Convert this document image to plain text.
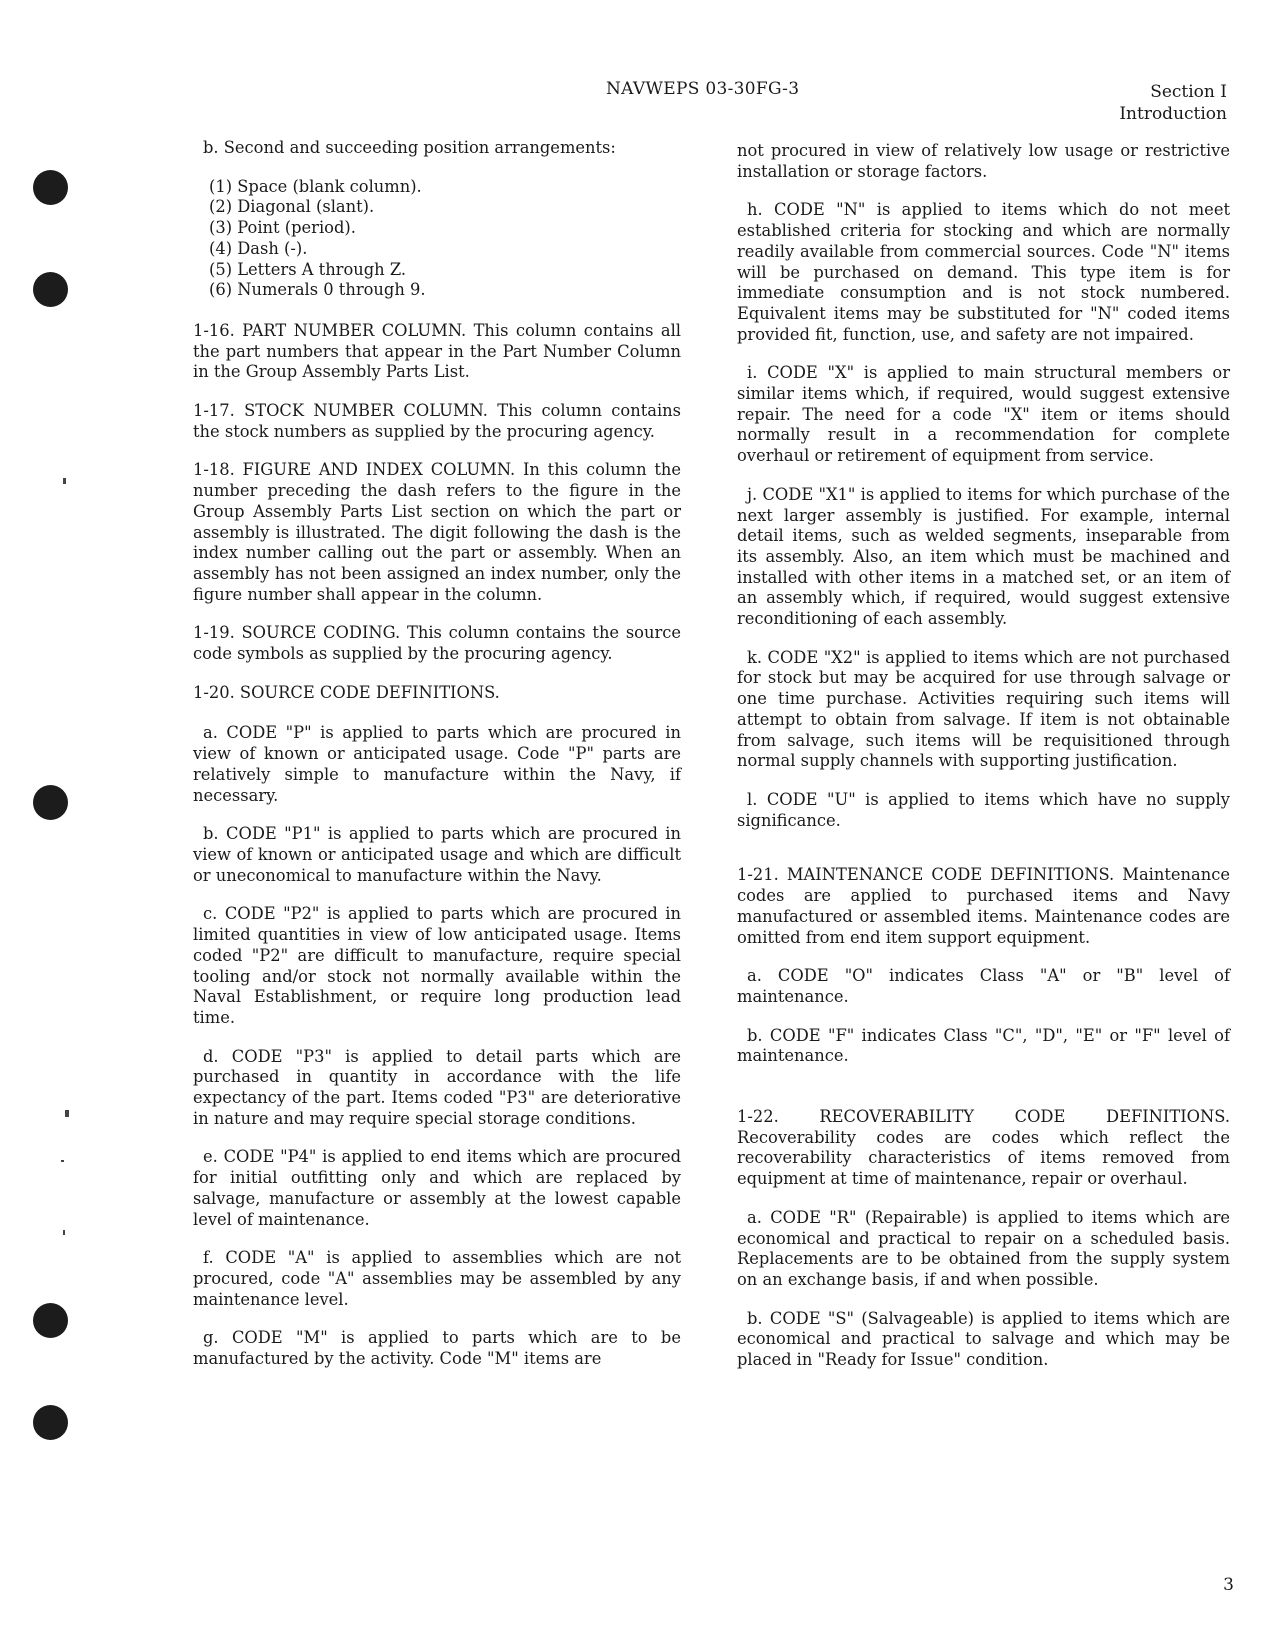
NAVWEPS 03-30FG-3	Section I
Introduction

b. Second and succeeding position arrangements:

(1) Space (blank column).
(2) Diagonal (slant).
(3) Point (period).
(4) Dash (-).
(5) Letters A through Z.
(6) Numerals 0 through 9.

1-16. PART NUMBER COLUMN. This column contains all the part numbers that appear in the Part Number Column in the Group Assembly Parts List.

1-17. STOCK NUMBER COLUMN. This column contains the stock numbers as supplied by the procuring agency.

1-18. FIGURE AND INDEX COLUMN. In this column the number preceding the dash refers to the figure in the Group Assembly Parts List section on which the part or assembly is illustrated. The digit following the dash is the index number calling out the part or assembly. When an assembly has not been assigned an index number, only the figure number shall appear in the column.

1-19. SOURCE CODING. This column contains the source code symbols as supplied by the procuring agency.

1-20. SOURCE CODE DEFINITIONS.

a. CODE "P" is applied to parts which are procured in view of known or anticipated usage. Code "P" parts are relatively simple to manufacture within the Navy, if necessary.

b. CODE "P1" is applied to parts which are procured in view of known or anticipated usage and which are difficult or uneconomical to manufacture within the Navy.

c. CODE "P2" is applied to parts which are procured in limited quantities in view of low anticipated usage. Items coded "P2" are difficult to manufacture, require special tooling and/or stock not normally available within the Naval Establishment, or require long production lead time.

d. CODE "P3" is applied to detail parts which are purchased in quantity in accordance with the life expectancy of the part. Items coded "P3" are deteriorative in nature and may require special storage conditions.

e. CODE "P4" is applied to end items which are procured for initial outfitting only and which are replaced by salvage, manufacture or assembly at the lowest capable level of maintenance.

f. CODE "A" is applied to assemblies which are not procured, code "A" assemblies may be assembled by any maintenance level.

g. CODE "M" is applied to parts which are to be manufactured by the activity. Code "M" items are

not procured in view of relatively low usage or restrictive installation or storage factors.

h. CODE "N" is applied to items which do not meet established criteria for stocking and which are normally readily available from commercial sources. Code "N" items will be purchased on demand. This type item is for immediate consumption and is not stock numbered. Equivalent items may be substituted for "N" coded items provided fit, function, use, and safety are not impaired.

i. CODE "X" is applied to main structural members or similar items which, if required, would suggest extensive repair. The need for a code "X" item or items should normally result in a recommendation for complete overhaul or retirement of equipment from service.

j. CODE "X1" is applied to items for which purchase of the next larger assembly is justified. For example, internal detail items, such as welded segments, inseparable from its assembly. Also, an item which must be machined and installed with other items in a matched set, or an item of an assembly which, if required, would suggest extensive reconditioning of each assembly.

k. CODE "X2" is applied to items which are not purchased for stock but may be acquired for use through salvage or one time purchase. Activities requiring such items will attempt to obtain from salvage. If item is not obtainable from salvage, such items will be requisitioned through normal supply channels with supporting justification.

l. CODE "U" is applied to items which have no supply significance.

1-21. MAINTENANCE CODE DEFINITIONS. Maintenance codes are applied to purchased items and Navy manufactured or assembled items. Maintenance codes are omitted from end item support equipment.

a. CODE "O" indicates Class "A" or "B" level of maintenance.

b. CODE "F" indicates Class "C", "D", "E" or "F" level of maintenance.

1-22. RECOVERABILITY CODE DEFINITIONS. Recoverability codes are codes which reflect the recoverability characteristics of items removed from equipment at time of maintenance, repair or overhaul.

a. CODE "R" (Repairable) is applied to items which are economical and practical to repair on a scheduled basis. Replacements are to be obtained from the supply system on an exchange basis, if and when possible.

b. CODE "S" (Salvageable) is applied to items which are economical and practical to salvage and which may be placed in "Ready for Issue" condition.

3
